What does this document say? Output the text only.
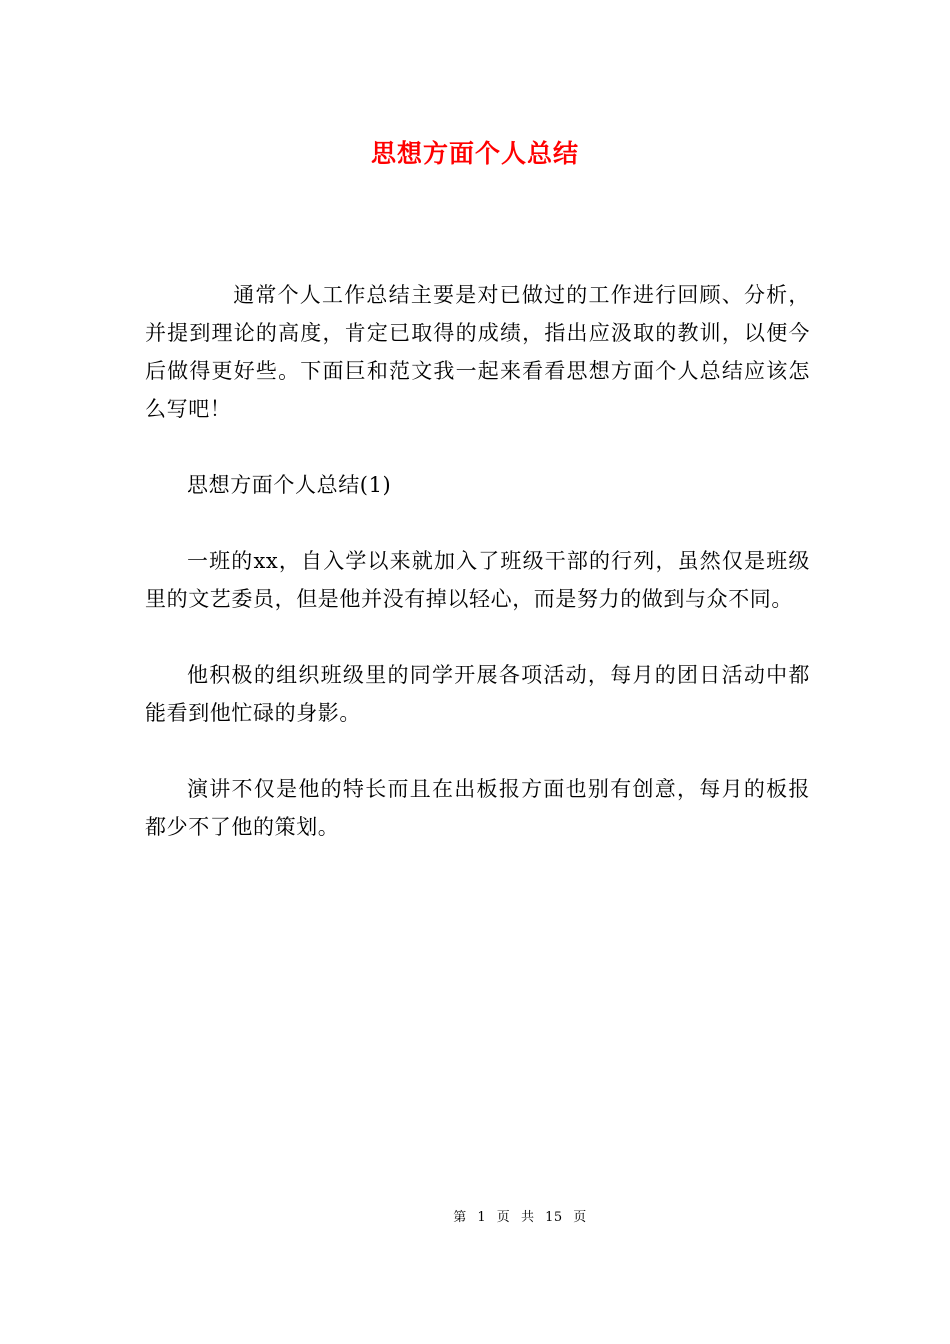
思想方面个人总结

通常个人工作总结主要是对已做过的工作进行回顾、分析，并提到理论的高度，肯定已取得的成绩，指出应汲取的教训，以便今后做得更好些。下面巨和范文我一起来看看思想方面个人总结应该怎么写吧！

思想方面个人总结(1)

一班的xx，自入学以来就加入了班级干部的行列，虽然仅是班级里的文艺委员，但是他并没有掉以轻心，而是努力的做到与众不同。

他积极的组织班级里的同学开展各项活动，每月的团日活动中都能看到他忙碌的身影。

演讲不仅是他的特长而且在出板报方面也别有创意，每月的板报都少不了他的策划。

第 1 页 共 15 页
